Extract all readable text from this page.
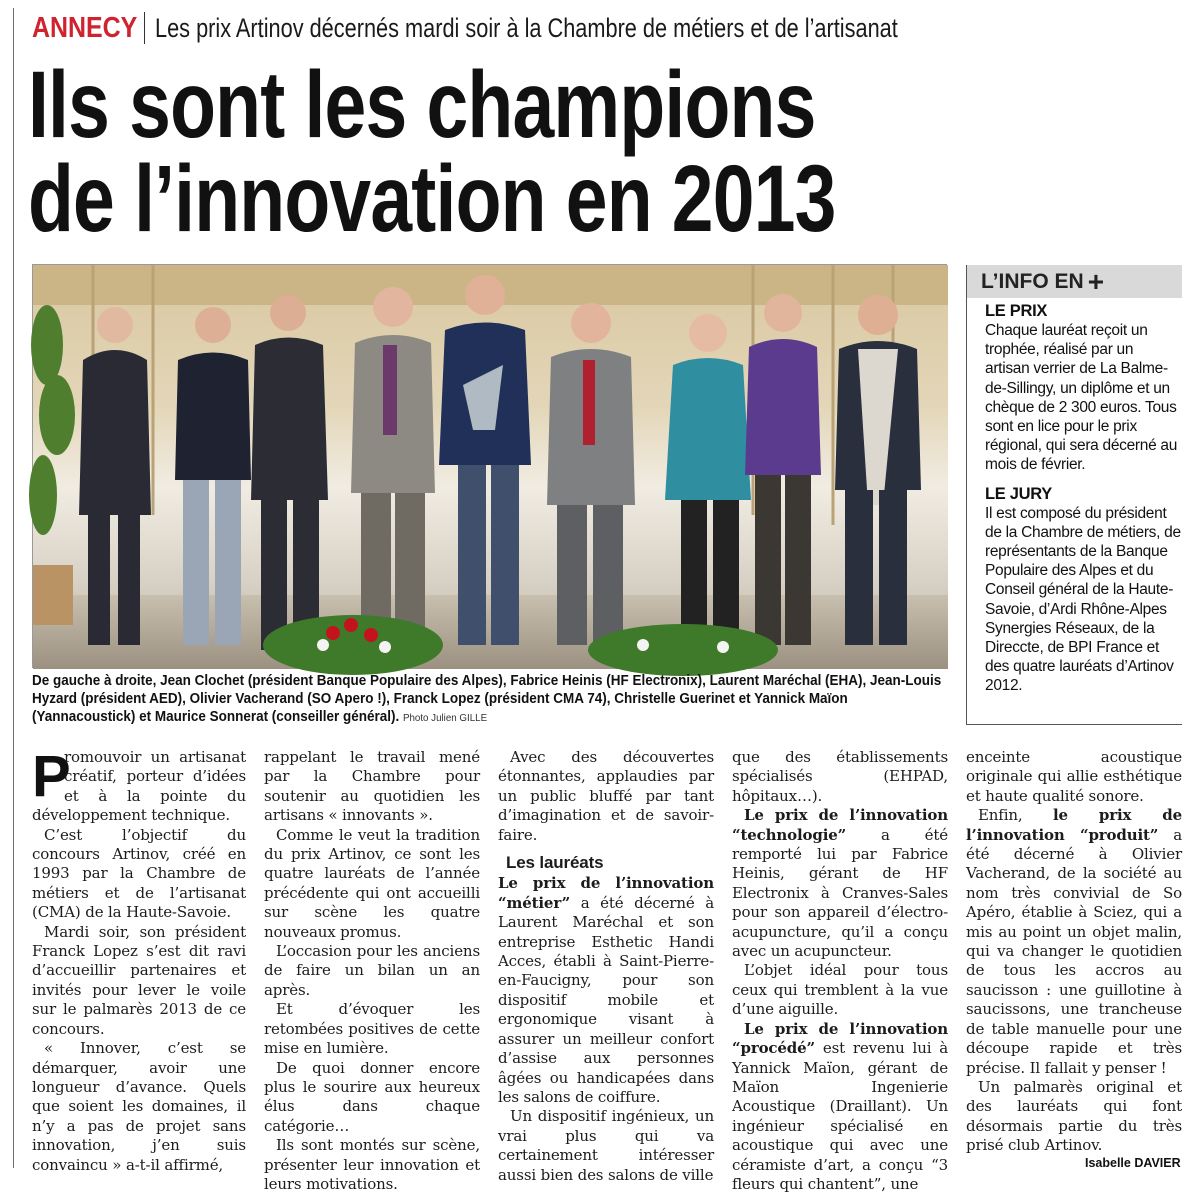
ANNECY Les prix Artinov décernés mardi soir à la Chambre de métiers et de l’artisanat
Ils sont les champions
de l’innovation en 2013
De gauche à droite, Jean Clochet (président Banque Populaire des Alpes), Fabrice Heinis (HF Electronix), Laurent Maréchal (EHA), Jean-Louis Hyzard (président AED), Olivier Vacherand (SO Apero !), Franck Lopez (président CMA 74), Christelle Guerinet et Yannick Maïon (Yannacoustick) et Maurice Sonnerat (conseiller général). Photo Julien GILLE
L’INFO EN +
LE PRIX
Chaque lauréat reçoit un trophée, réalisé par un artisan verrier de La Balme-de-Sillingy, un diplôme et un chèque de 2 300 euros. Tous sont en lice pour le prix régional, qui sera décerné au mois de février.
LE JURY
Il est composé du président de la Chambre de métiers, de représentants de la Banque Populaire des Alpes et du Conseil général de la Haute-Savoie, d’Ardi Rhône-Alpes Synergies Réseaux, de la Direccte, de BPI France et des quatre lauréats d’Artinov 2012.

P
romouvoir un artisanat créatif, porteur d’idées et à la pointe du développement technique.

C’est l’objectif du concours Artinov, créé en 1993 par la Chambre de métiers et de l’artisanat (CMA) de la Haute-Savoie.

Mardi soir, son président Franck Lopez s’est dit ravi d’accueillir partenaires et invités pour lever le voile sur le palmarès 2013 de ce concours.

« Innover, c’est se démarquer, avoir une longueur d’avance. Quels que soient les domaines, il n’y a pas de projet sans innovation, j’en suis convaincu » a-t-il affirmé,

rappelant le travail mené par la Chambre pour soutenir au quotidien les artisans « innovants ».

Comme le veut la tradition du prix Artinov, ce sont les quatre lauréats de l’année précédente qui ont accueilli sur scène les quatre nouveaux promus.

L’occasion pour les anciens de faire un bilan un an après.

Et d’évoquer les retombées positives de cette mise en lumière.

De quoi donner encore plus le sourire aux heureux élus dans chaque catégorie…

Ils sont montés sur scène, présenter leur innovation et leurs motivations.

Avec des découvertes étonnantes, applaudies par un public bluffé par tant d’imagination et de savoir-faire.

Les lauréats

Le prix de l’innovation “métier” a été décerné à Laurent Maréchal et son entreprise Esthetic Handi Acces, établi à Saint-Pierre-en-Faucigny, pour son dispositif mobile et ergonomique visant à assurer un meilleur confort d’assise aux personnes âgées ou handicapées dans les salons de coiffure.

Un dispositif ingénieux, un vrai plus qui va certainement intéresser aussi bien des salons de ville

que des établissements spécialisés (EHPAD, hôpitaux…).

Le prix de l’innovation “technologie” a été remporté lui par Fabrice Heinis, gérant de HF Electronix à Cranves-Sales pour son appareil d’électro-acupuncture, qu’il a conçu avec un acupuncteur.

L’objet idéal pour tous ceux qui tremblent à la vue d’une aiguille.

Le prix de l’innovation “procédé” est revenu lui à Yannick Maïon, gérant de Maïon Ingenierie Acoustique (Draillant). Un ingénieur spécialisé en acoustique qui avec une céramiste d’art, a conçu “3 fleurs qui chantent”, une

enceinte acoustique originale qui allie esthétique et haute qualité sonore.

Enfin, le prix de l’innovation “produit” a été décerné à Olivier Vacherand, de la société au nom très convivial de So Apéro, établie à Sciez, qui a mis au point un objet malin, qui va changer le quotidien de tous les accros au saucisson : une guillotine à saucissons, une trancheuse de table manuelle pour une découpe rapide et très précise. Il fallait y penser !

Un palmarès original et des lauréats qui font désormais partie du très prisé club Artinov.

Isabelle DAVIER
